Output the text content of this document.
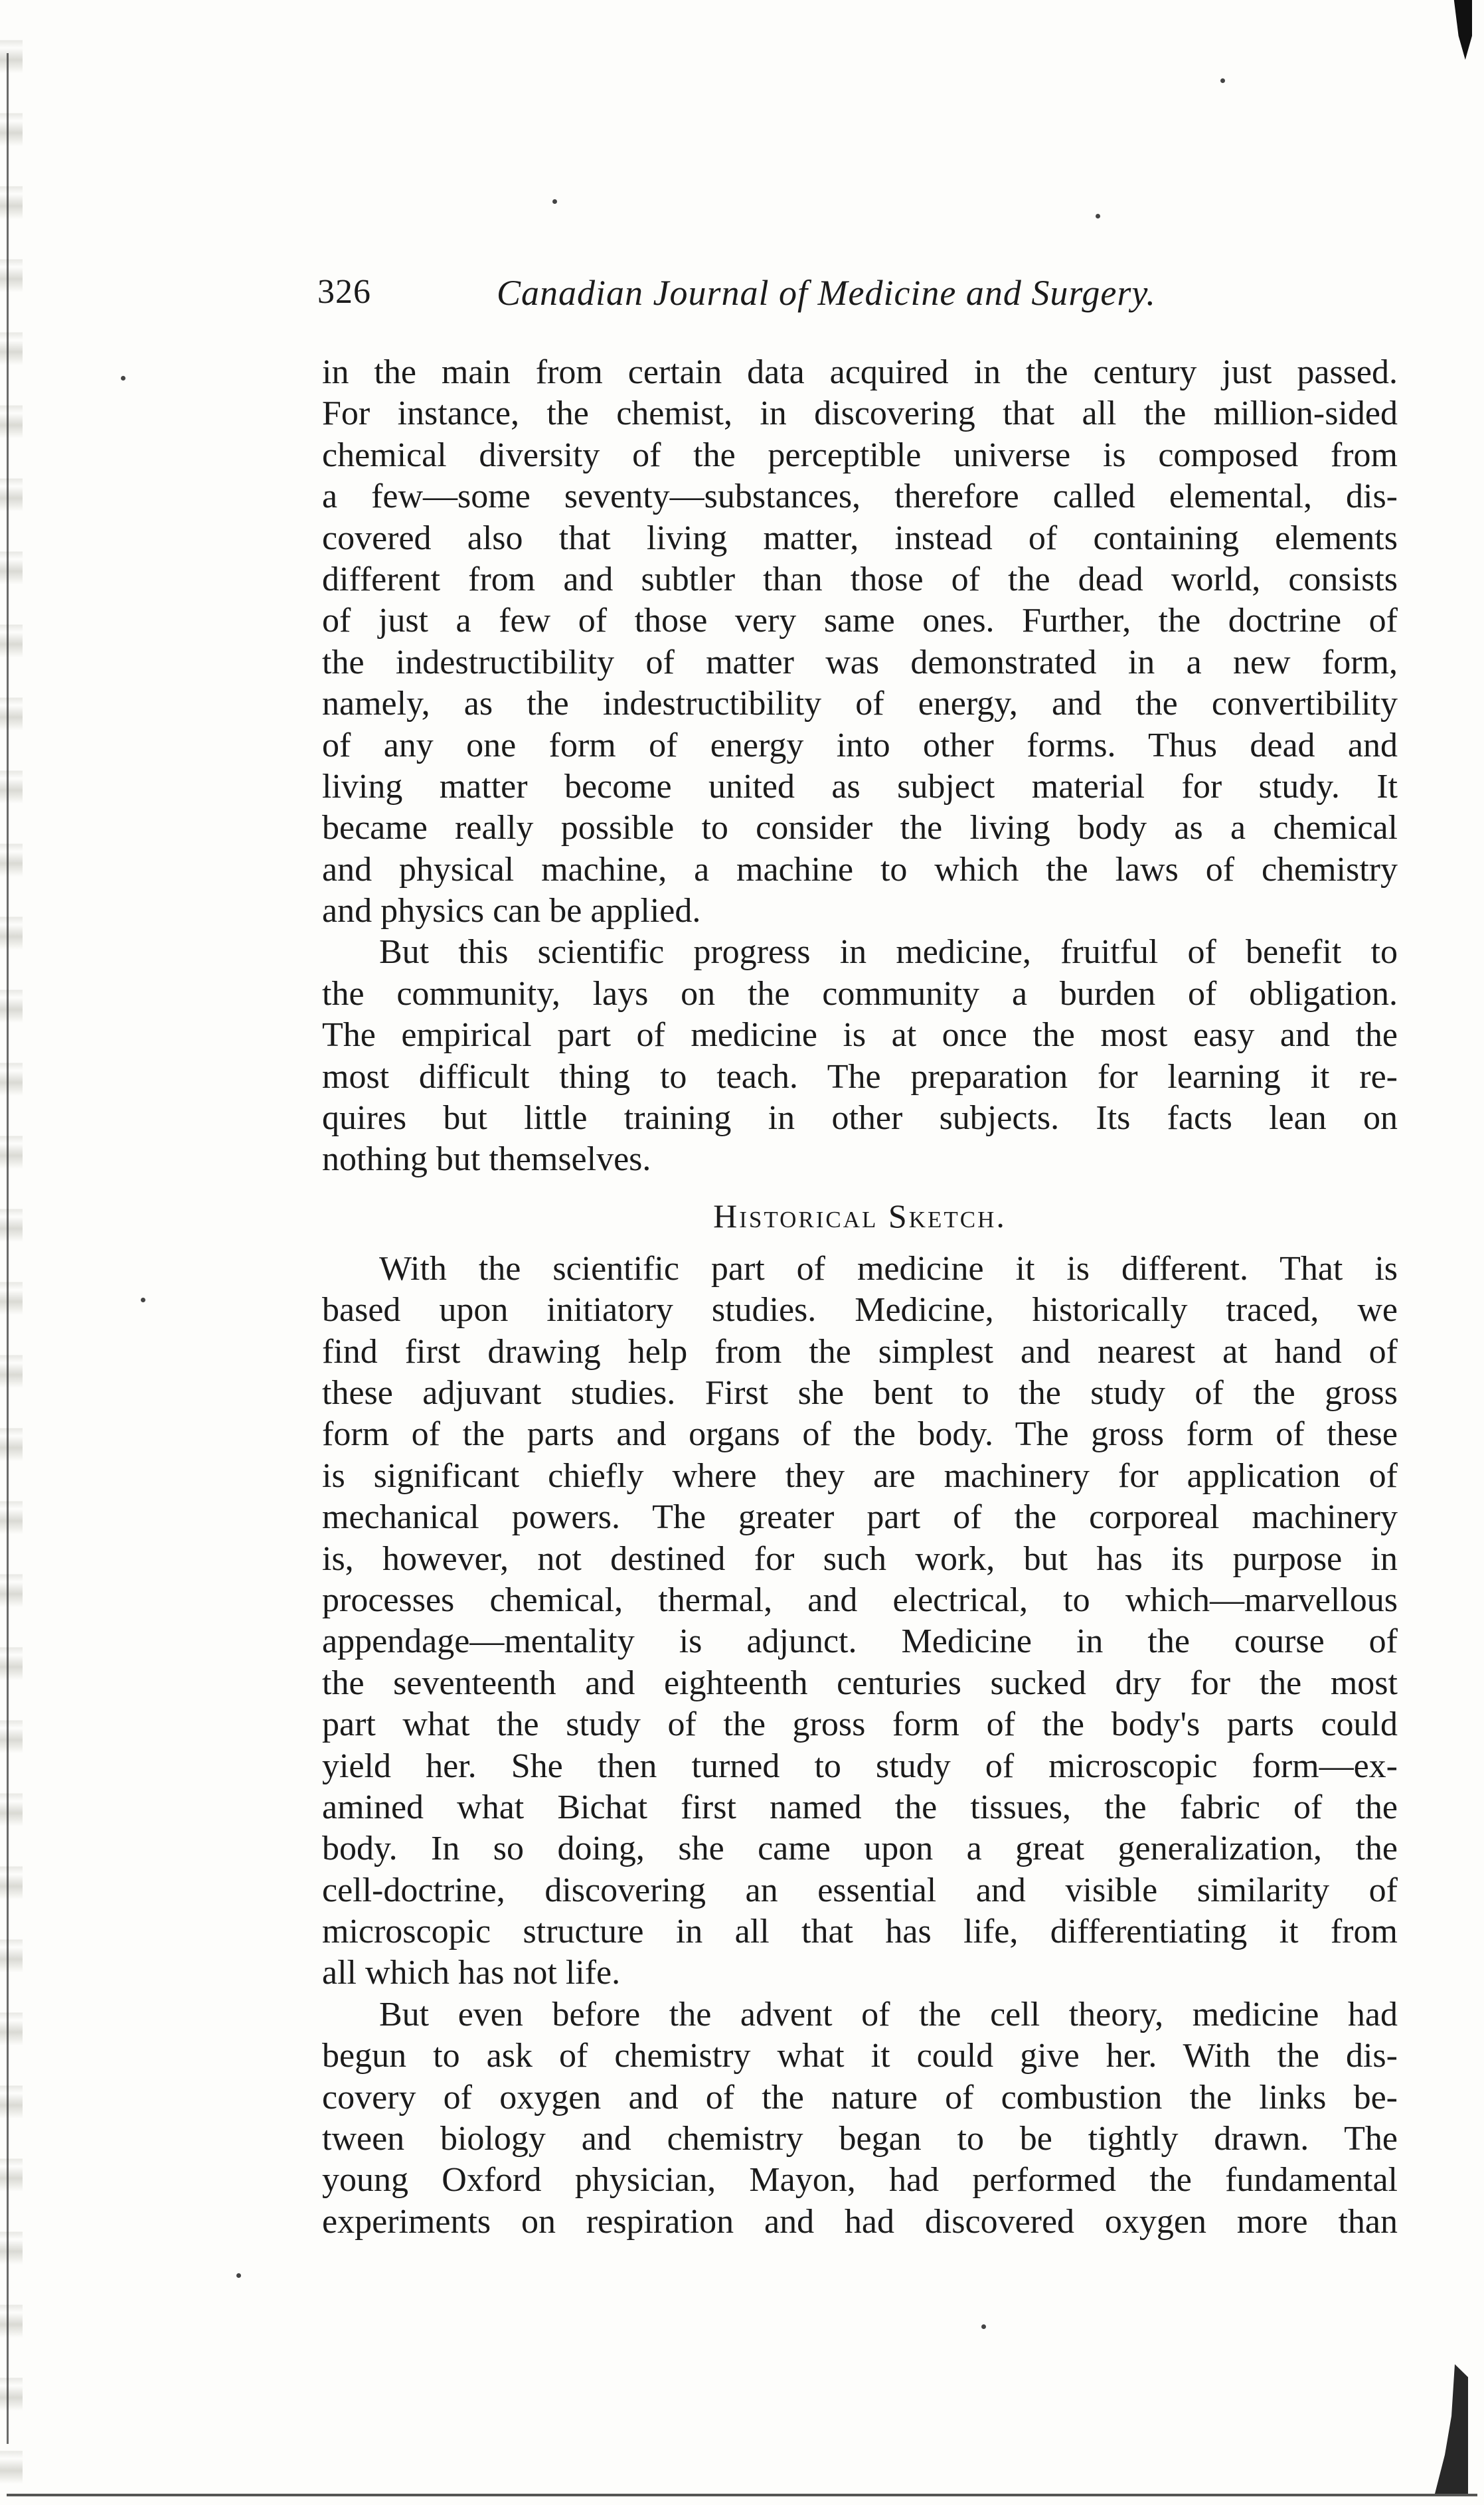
326	Canadian Journal of Medicine and Surgery.
in the main from certain data acquired in the century just passed.
For instance, the chemist, in discovering that all the million-sided
chemical diversity of the perceptible universe is composed from
a few—some seventy—substances, therefore called elemental, dis-
covered also that living matter, instead of containing elements
different from and subtler than those of the dead world, consists
of just a few of those very same ones. Further, the doctrine of
the indestructibility of matter was demonstrated in a new form,
namely, as the indestructibility of energy, and the convertibility
of any one form of energy into other forms. Thus dead and
living matter become united as subject material for study. It
became really possible to consider the living body as a chemical
and physical machine, a machine to which the laws of chemistry
and physics can be applied.
But this scientific progress in medicine, fruitful of benefit to
the community, lays on the community a burden of obligation.
The empirical part of medicine is at once the most easy and the
most difficult thing to teach. The preparation for learning it re-
quires but little training in other subjects. Its facts lean on
nothing but themselves.
Historical Sketch.
With the scientific part of medicine it is different. That is
based upon initiatory studies. Medicine, historically traced, we
find first drawing help from the simplest and nearest at hand of
these adjuvant studies. First she bent to the study of the gross
form of the parts and organs of the body. The gross form of these
is significant chiefly where they are machinery for application of
mechanical powers. The greater part of the corporeal machinery
is, however, not destined for such work, but has its purpose in
processes chemical, thermal, and electrical, to which—marvellous
appendage—mentality is adjunct. Medicine in the course of
the seventeenth and eighteenth centuries sucked dry for the most
part what the study of the gross form of the body's parts could
yield her. She then turned to study of microscopic form—ex-
amined what Bichat first named the tissues, the fabric of the
body. In so doing, she came upon a great generalization, the
cell-doctrine, discovering an essential and visible similarity of
microscopic structure in all that has life, differentiating it from
all which has not life.
But even before the advent of the cell theory, medicine had
begun to ask of chemistry what it could give her. With the dis-
covery of oxygen and of the nature of combustion the links be-
tween biology and chemistry began to be tightly drawn. The
young Oxford physician, Mayon, had performed the fundamental
experiments on respiration and had discovered oxygen more than
